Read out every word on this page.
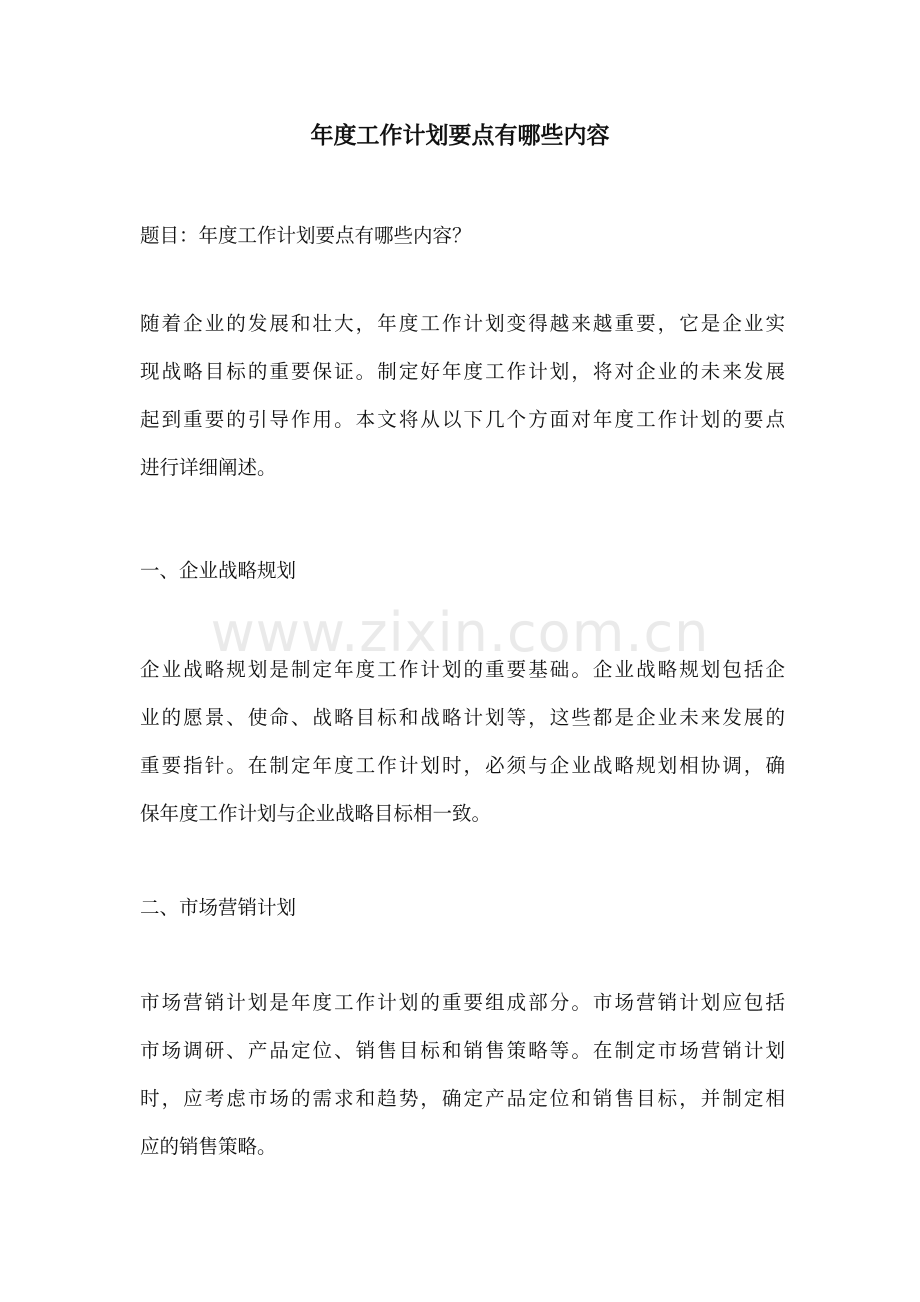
年度工作计划要点有哪些内容

题目：年度工作计划要点有哪些内容？

随着企业的发展和壮大，年度工作计划变得越来越重要，它是企业实
现战略目标的重要保证。制定好年度工作计划，将对企业的未来发展
起到重要的引导作用。本文将从以下几个方面对年度工作计划的要点
进行详细阐述。

一、企业战略规划

企业战略规划是制定年度工作计划的重要基础。企业战略规划包括企
业的愿景、使命、战略目标和战略计划等，这些都是企业未来发展的
重要指针。在制定年度工作计划时，必须与企业战略规划相协调，确
保年度工作计划与企业战略目标相一致。

二、市场营销计划

市场营销计划是年度工作计划的重要组成部分。市场营销计划应包括
市场调研、产品定位、销售目标和销售策略等。在制定市场营销计划
时，应考虑市场的需求和趋势，确定产品定位和销售目标，并制定相
应的销售策略。
www.zixin.com.cn
